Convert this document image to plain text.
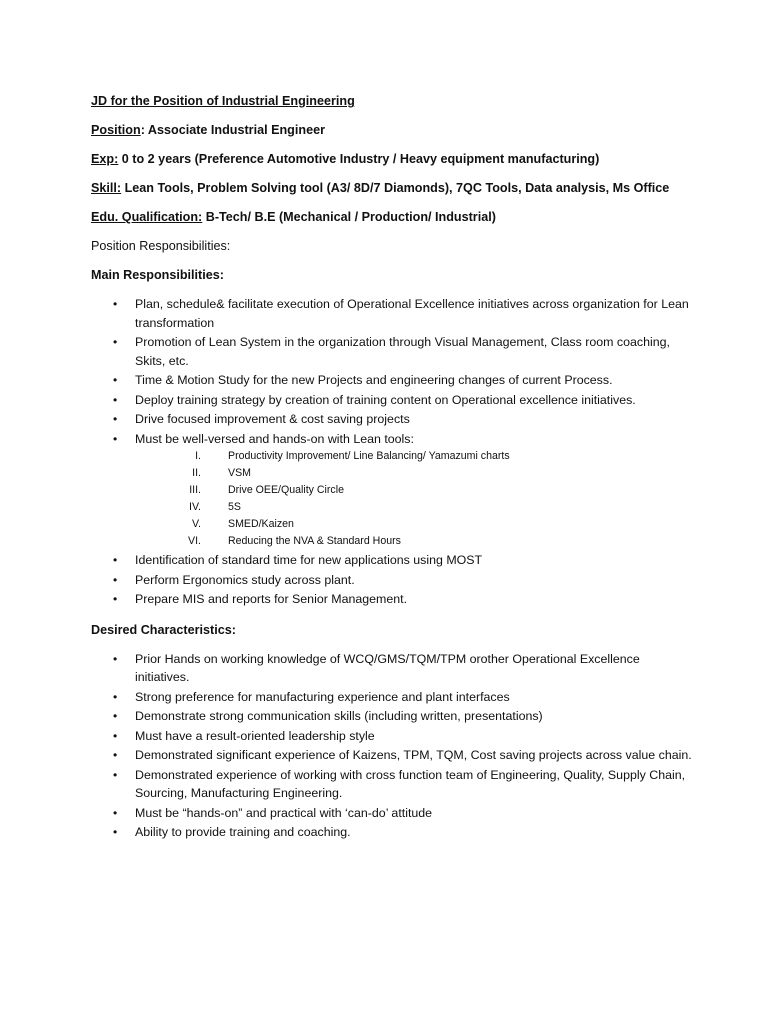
JD for the Position of Industrial Engineering

Position: Associate Industrial Engineer

Exp: 0 to 2 years (Preference Automotive Industry / Heavy equipment manufacturing)

Skill: Lean Tools, Problem Solving tool (A3/ 8D/7 Diamonds), 7QC Tools, Data analysis, Ms Office

Edu. Qualification: B-Tech/ B.E (Mechanical / Production/ Industrial)

Position Responsibilities:

Main Responsibilities:

• Plan, schedule& facilitate execution of Operational Excellence initiatives across organization for Lean transformation
• Promotion of Lean System in the organization through Visual Management, Class room coaching, Skits, etc.
• Time & Motion Study for the new Projects and engineering changes of current Process.
• Deploy training strategy by creation of training content on Operational excellence initiatives.
• Drive focused improvement & cost saving projects
• Must be well-versed and hands-on with Lean tools:
I.	Productivity Improvement/ Line Balancing/ Yamazumi charts
II.	VSM
III.	Drive OEE/Quality Circle
IV.	5S
V.	SMED/Kaizen
VI.	Reducing the NVA & Standard Hours
• Identification of standard time for new applications using MOST
• Perform Ergonomics study across plant.
• Prepare MIS and reports for Senior Management.

Desired Characteristics:

• Prior Hands on working knowledge of WCQ/GMS/TQM/TPM orother Operational Excellence initiatives.
• Strong preference for manufacturing experience and plant interfaces
• Demonstrate strong communication skills (including written, presentations)
• Must have a result-oriented leadership style
• Demonstrated significant experience of Kaizens, TPM, TQM, Cost saving projects across value chain.
• Demonstrated experience of working with cross function team of Engineering, Quality, Supply Chain, Sourcing, Manufacturing Engineering.
• Must be “hands-on” and practical with ‘can-do’ attitude
• Ability to provide training and coaching.
